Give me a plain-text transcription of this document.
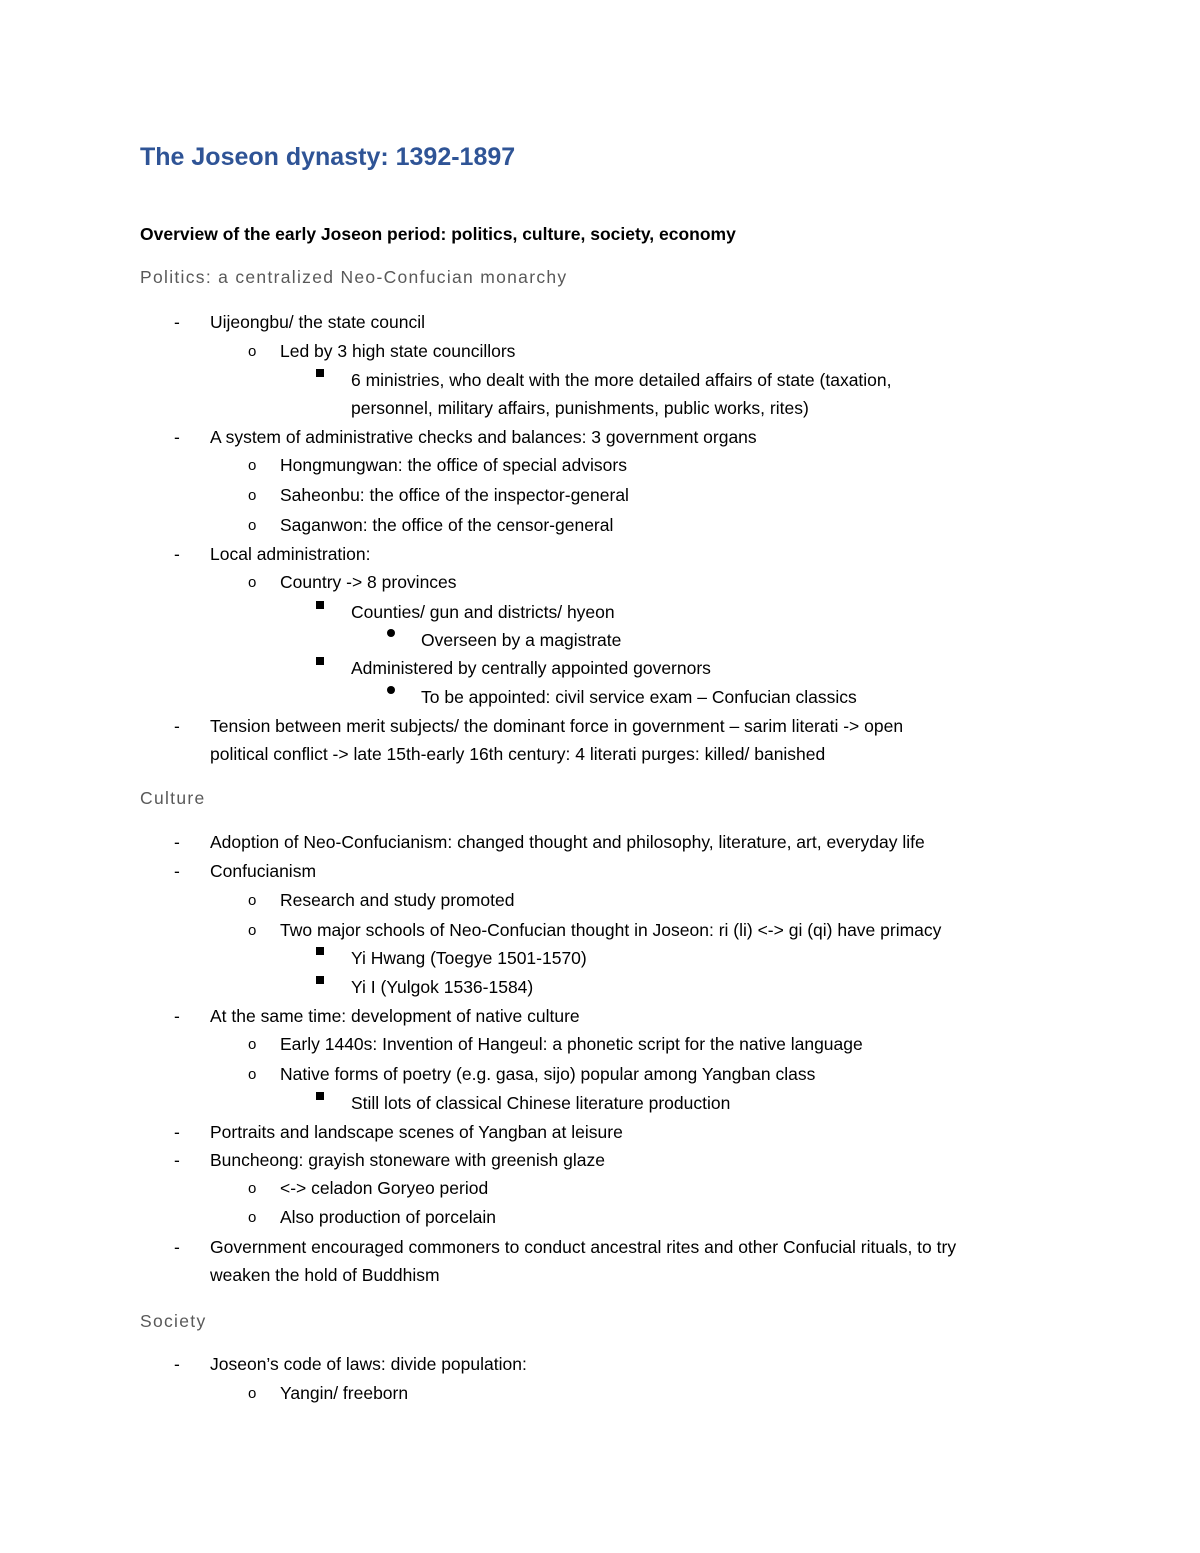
The Joseon dynasty: 1392-1897
Overview of the early Joseon period: politics, culture, society, economy
Politics: a centralized Neo-Confucian monarchy
- Uijeongbu/ the state council
o Led by 3 high state councillors
6 ministries, who dealt with the more detailed affairs of state (taxation,
personnel, military affairs, punishments, public works, rites)
- A system of administrative checks and balances: 3 government organs
o Hongmungwan: the office of special advisors
o Saheonbu: the office of the inspector-general
o Saganwon: the office of the censor-general
- Local administration:
o Country -> 8 provinces
Counties/ gun and districts/ hyeon
Overseen by a magistrate
Administered by centrally appointed governors
To be appointed: civil service exam – Confucian classics
- Tension between merit subjects/ the dominant force in government – sarim literati -> open
political conflict -> late 15th-early 16th century: 4 literati purges: killed/ banished
Culture
- Adoption of Neo-Confucianism: changed thought and philosophy, literature, art, everyday life
- Confucianism
o Research and study promoted
o Two major schools of Neo-Confucian thought in Joseon: ri (li) <-> gi (qi) have primacy
Yi Hwang (Toegye 1501-1570)
Yi I (Yulgok 1536-1584)
- At the same time: development of native culture
o Early 1440s: Invention of Hangeul: a phonetic script for the native language
o Native forms of poetry (e.g. gasa, sijo) popular among Yangban class
Still lots of classical Chinese literature production
- Portraits and landscape scenes of Yangban at leisure
- Buncheong: grayish stoneware with greenish glaze
o <-> celadon Goryeo period
o Also production of porcelain
- Government encouraged commoners to conduct ancestral rites and other Confucial rituals, to try
weaken the hold of Buddhism
Society
- Joseon’s code of laws: divide population:
o Yangin/ freeborn
